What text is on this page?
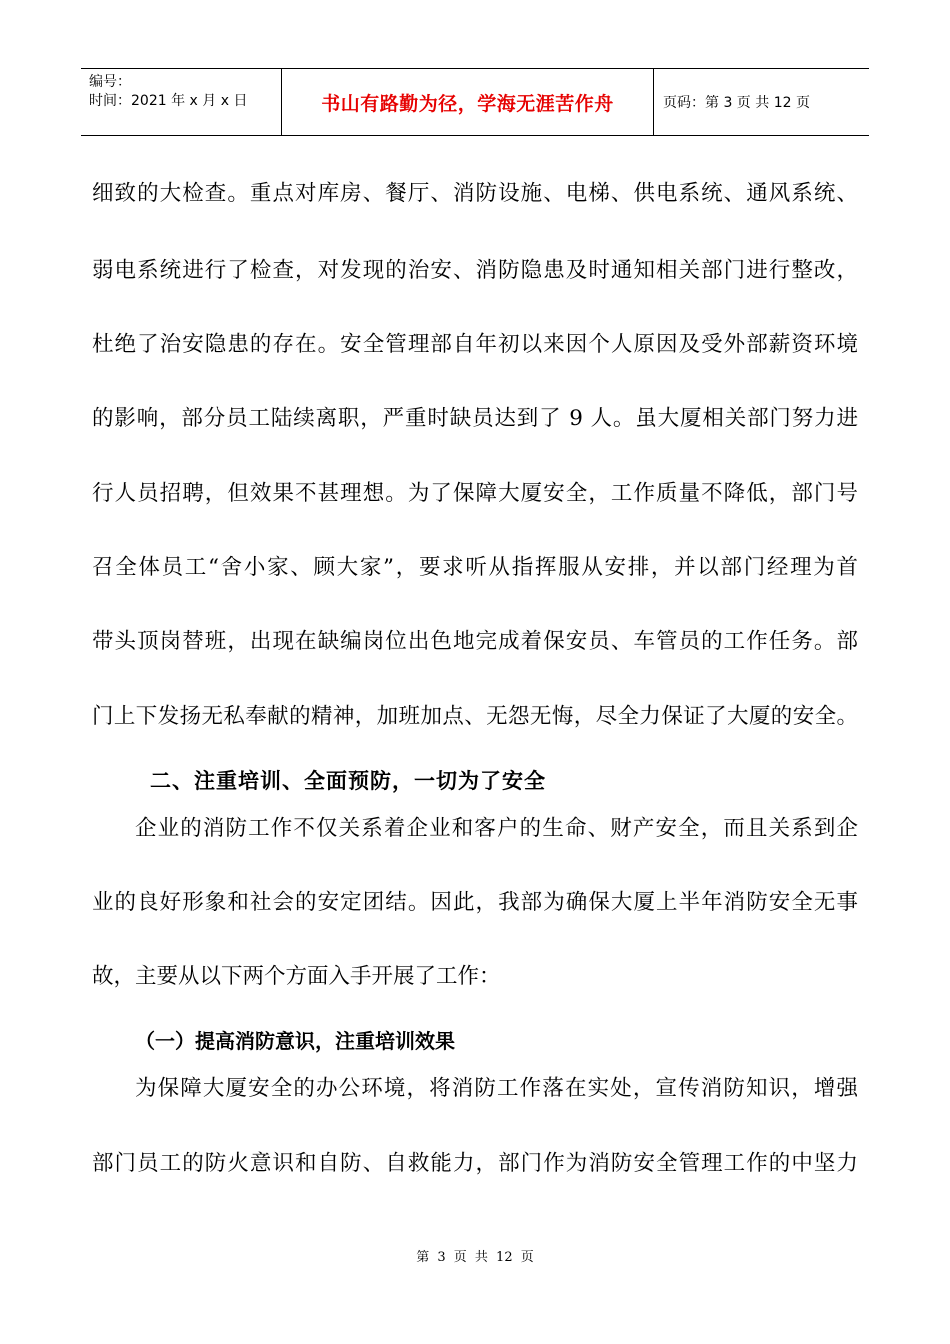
编号：
时间：2021 年 x 月 x 日	书山有路勤为径，学海无涯苦作舟	页码：第 3 页 共 12 页
细致的大检查。重点对库房、餐厅、消防设施、电梯、供电系统、通风系统、
弱电系统进行了检查，对发现的治安、消防隐患及时通知相关部门进行整改，
杜绝了治安隐患的存在。安全管理部自年初以来因个人原因及受外部薪资环境
的影响，部分员工陆续离职，严重时缺员达到了 9 人。虽大厦相关部门努力进
行人员招聘，但效果不甚理想。为了保障大厦安全，工作质量不降低，部门号
召全体员工“舍小家、顾大家”，要求听从指挥服从安排，并以部门经理为首
带头顶岗替班，出现在缺编岗位出色地完成着保安员、车管员的工作任务。部
门上下发扬无私奉献的精神，加班加点、无怨无悔，尽全力保证了大厦的安全。
二、注重培训、全面预防，一切为了安全
企业的消防工作不仅关系着企业和客户的生命、财产安全，而且关系到企
业的良好形象和社会的安定团结。因此，我部为确保大厦上半年消防安全无事
故，主要从以下两个方面入手开展了工作：
（一）提高消防意识，注重培训效果
为保障大厦安全的办公环境，将消防工作落在实处，宣传消防知识，增强
部门员工的防火意识和自防、自救能力，部门作为消防安全管理工作的中坚力
第 3 页 共 12 页
